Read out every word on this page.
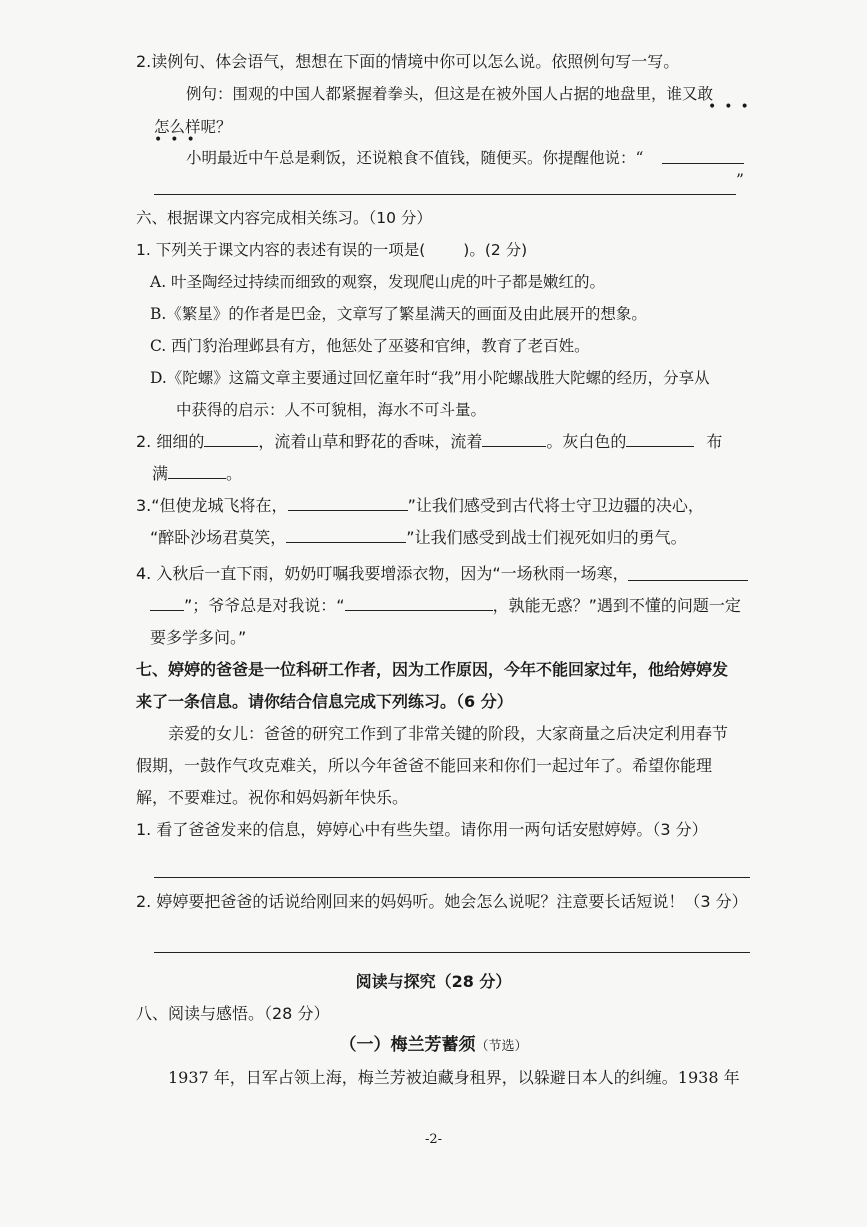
2.读例句、体会语气，想想在下面的情境中你可以怎么说。依照例句写一写。
例句：围观的中国人都紧握着拳头，但这是在被外国人占据的地盘里，谁又敢
•••
怎么样呢？
•••
小明最近中午总是剩饭，还说粮食不值钱，随便买。你提醒他说：“
”
六、根据课文内容完成相关练习。（10 分）
1. 下列关于课文内容的表述有误的一项是( )。(2 分)
A. 叶圣陶经过持续而细致的观察，发现爬山虎的叶子都是嫩红的。
B.《繁星》的作者是巴金，文章写了繁星满天的画面及由此展开的想象。
C. 西门豹治理邺县有方，他惩处了巫婆和官绅，教育了老百姓。
D.《陀螺》这篇文章主要通过回忆童年时“我”用小陀螺战胜大陀螺的经历，分享从
中获得的启示：人不可貌相，海水不可斗量。
2. 细细的	，流着山草和野花的香味，流着	。灰白色的	布
满	。
3.“但使龙城飞将在，	”让我们感受到古代将士守卫边疆的决心，
“醉卧沙场君莫笑，	”让我们感受到战士们视死如归的勇气。
4. 入秋后一直下雨，奶奶叮嘱我要增添衣物，因为“一场秋雨一场寒，
”；爷爷总是对我说：“	，孰能无惑？”遇到不懂的问题一定
要多学多问。”
七、婷婷的爸爸是一位科研工作者，因为工作原因，今年不能回家过年，他给婷婷发
来了一条信息。请你结合信息完成下列练习。（6 分）
亲爱的女儿：爸爸的研究工作到了非常关键的阶段，大家商量之后决定利用春节
假期，一鼓作气攻克难关，所以今年爸爸不能回来和你们一起过年了。希望你能理
解，不要难过。祝你和妈妈新年快乐。
1. 看了爸爸发来的信息，婷婷心中有些失望。请你用一两句话安慰婷婷。（3 分）
2. 婷婷要把爸爸的话说给刚回来的妈妈听。她会怎么说呢？注意要长话短说！（3 分）
阅读与探究（28 分）
八、阅读与感悟。（28 分）
（一）梅兰芳蓄须（节选）
1937 年，日军占领上海，梅兰芳被迫藏身租界，以躲避日本人的纠缠。1938 年
-2-
